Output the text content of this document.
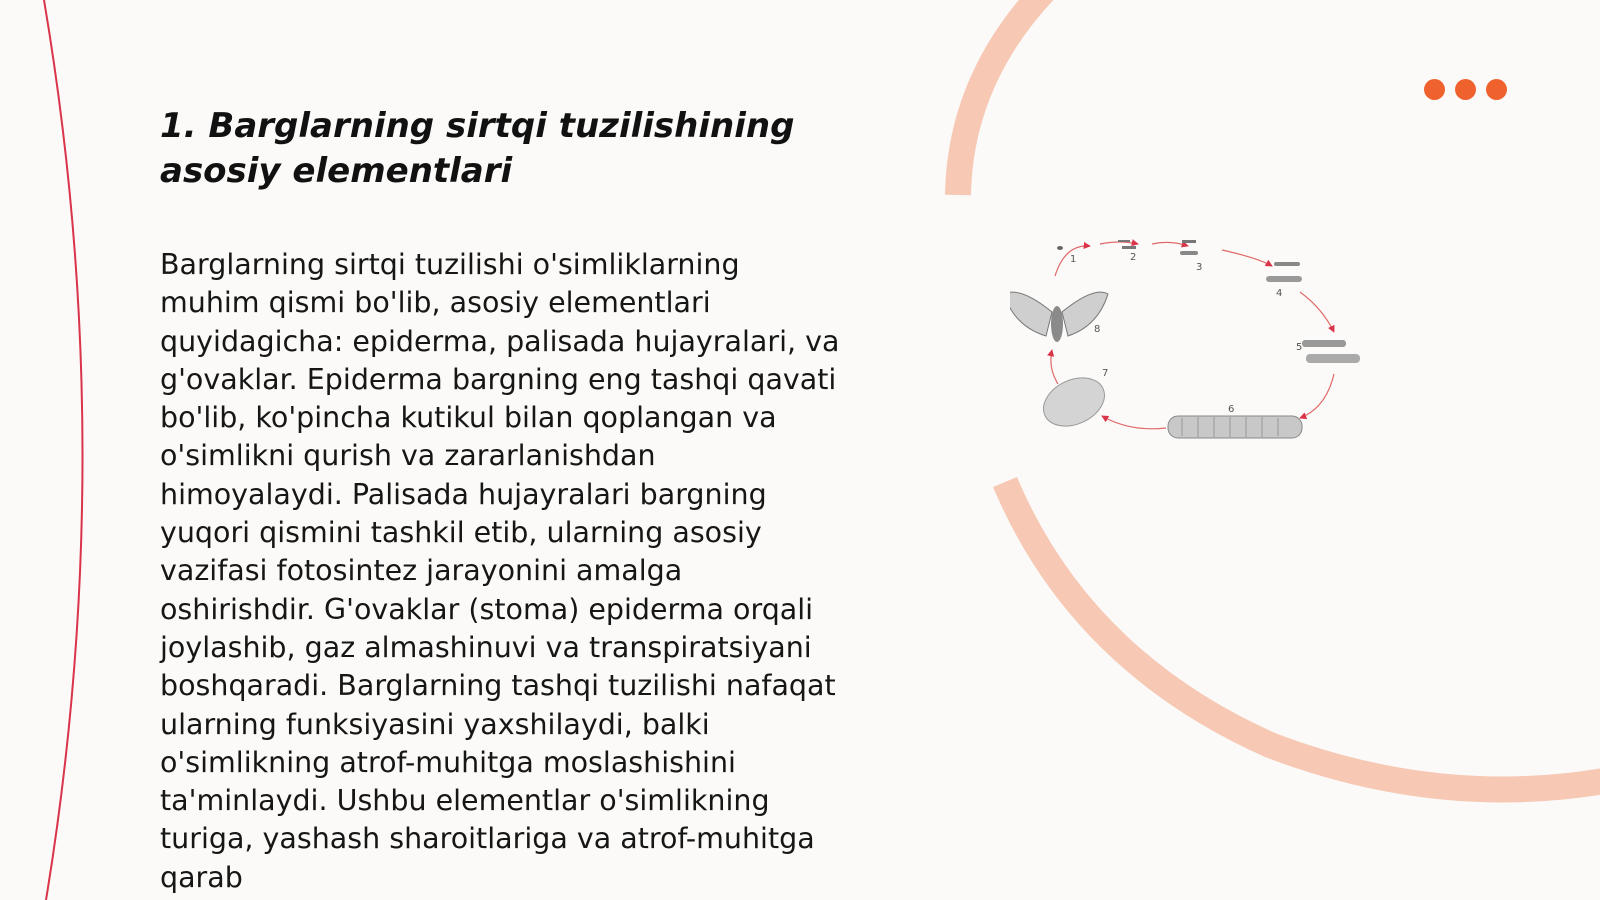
1. Barglarning sirtqi tuzilishining asosiy elementlari

Barglarning sirtqi tuzilishi o'simliklarning muhim qismi bo'lib, asosiy elementlari quyidagicha: epiderma, palisada hujayralari, va g'ovaklar. Epiderma bargning eng tashqi qavati bo'lib, ko'pincha kutikul bilan qoplangan va o'simlikni qurish va zararlanishdan himoyalaydi. Palisada hujayralari bargning yuqori qismini tashkil etib, ularning asosiy vazifasi fotosintez jarayonini amalga oshirishdir. G'ovaklar (stoma) epiderma orqali joylashib, gaz almashinuvi va transpiratsiyani boshqaradi. Barglarning tashqi tuzilishi nafaqat ularning funksiyasini yaxshilaydi, balki o'simlikning atrof-muhitga moslashishini ta'minlaydi. Ushbu elementlar o'simlikning turiga, yashash sharoitlariga va atrof-muhitga qarab

1	2
3
4
5
6
7
8
